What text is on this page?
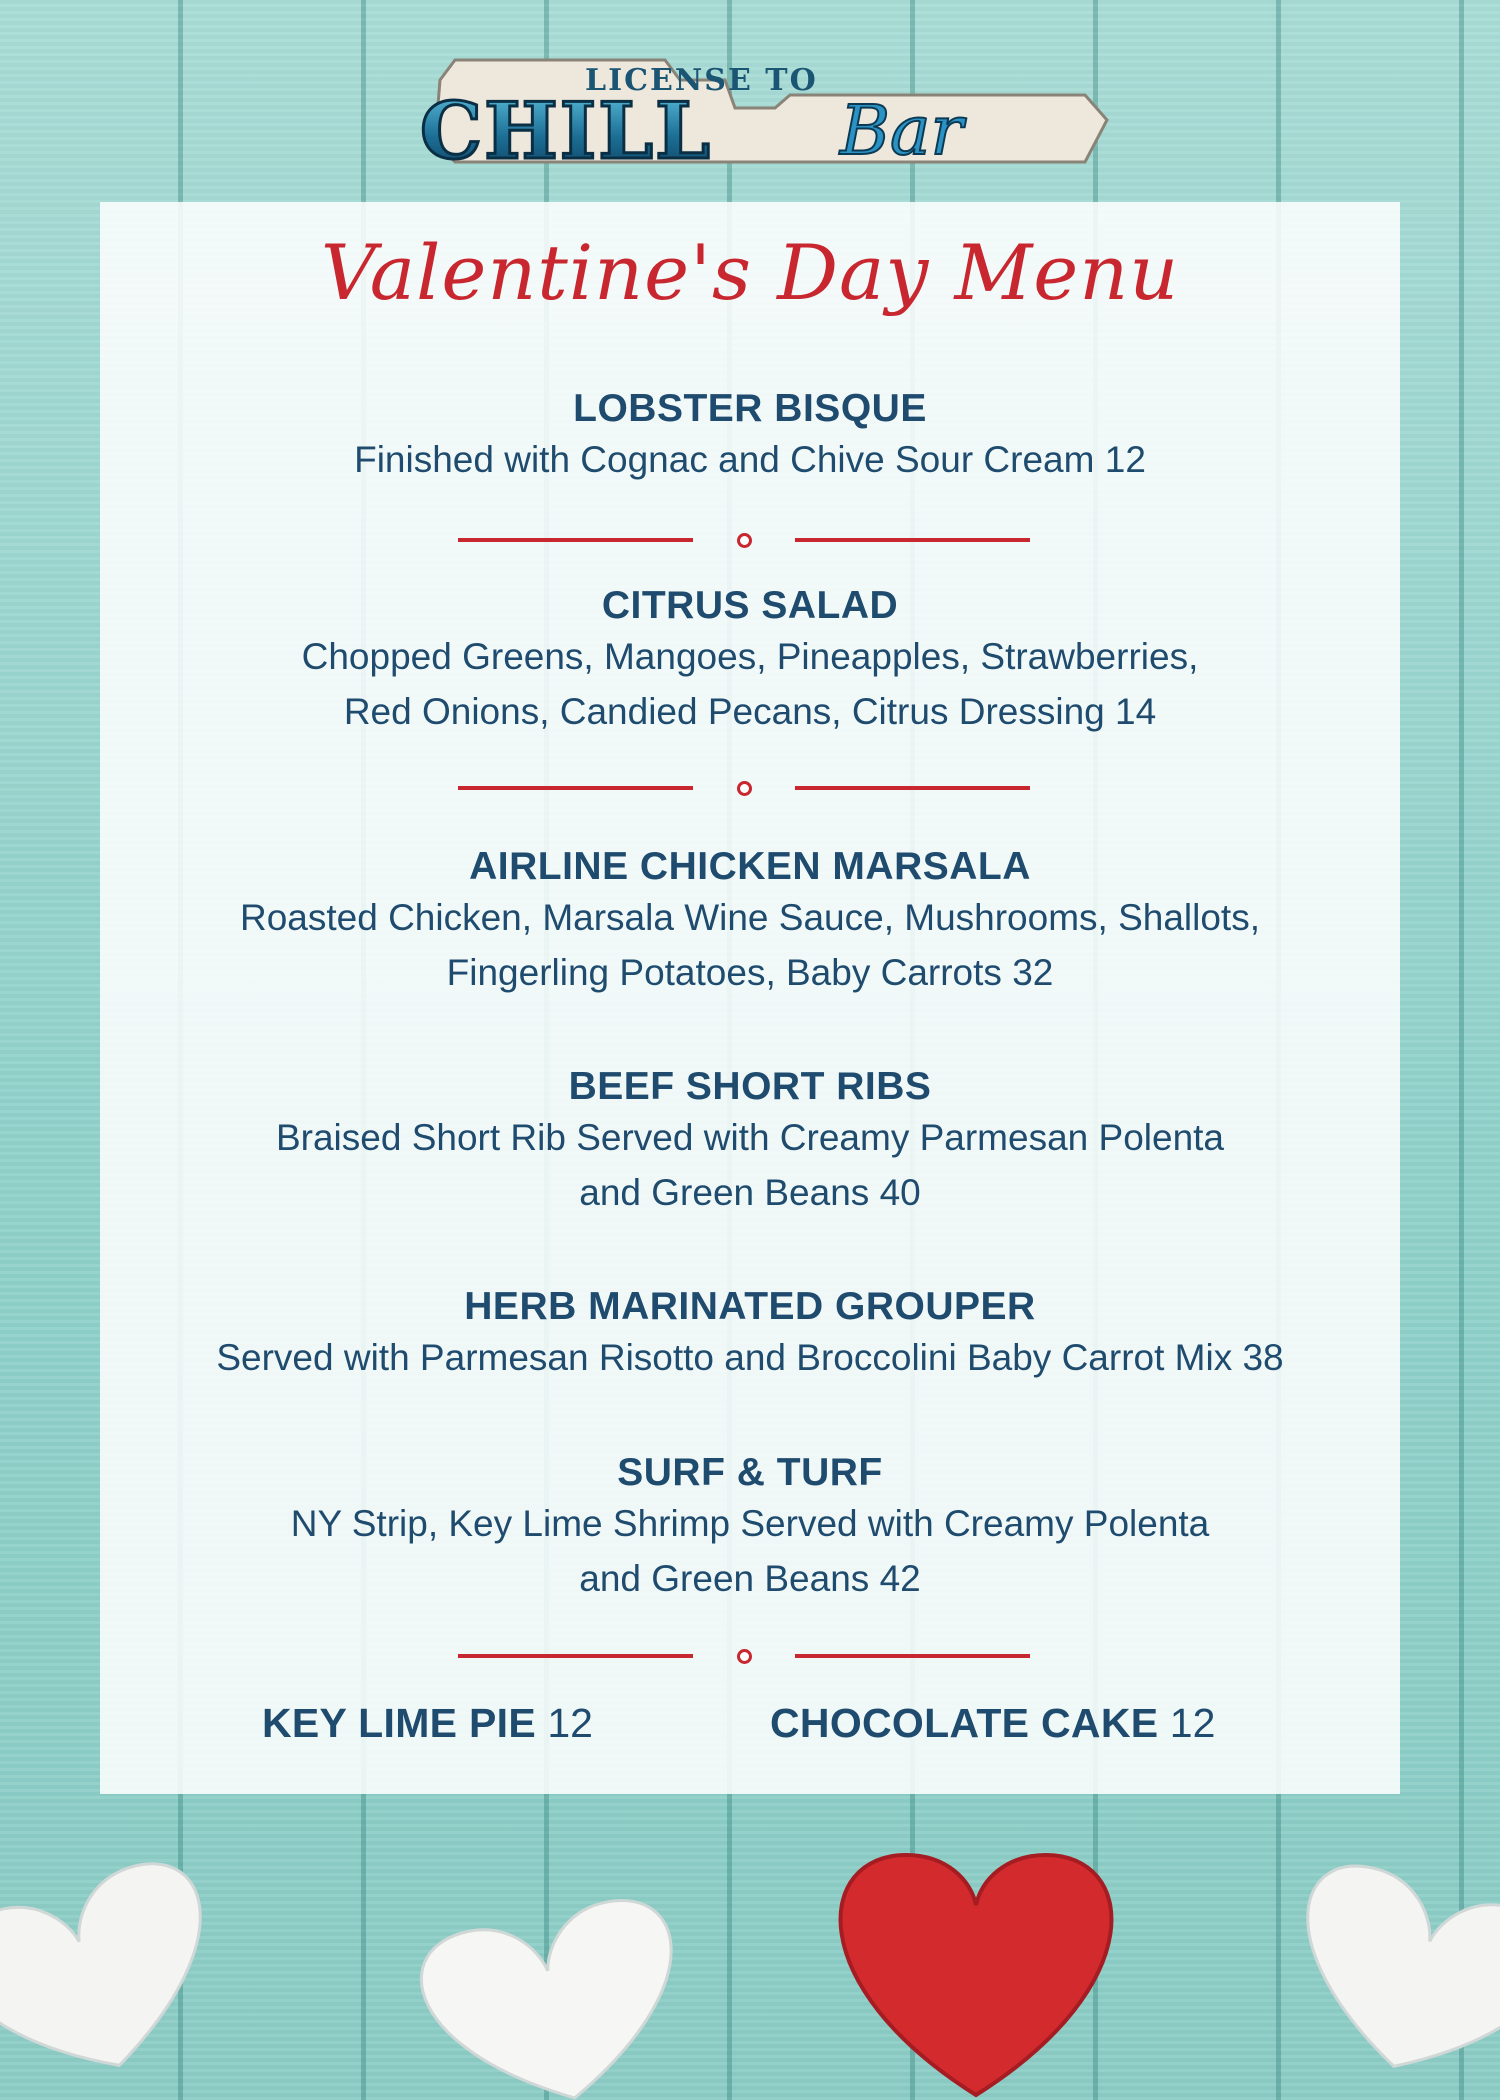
LICENSE TO
CHILL Bar
Valentine's Day Menu
LOBSTER BISQUE
Finished with Cognac and Chive Sour Cream 12
CITRUS SALAD
Chopped Greens, Mangoes, Pineapples, Strawberries,
Red Onions, Candied Pecans, Citrus Dressing 14
AIRLINE CHICKEN MARSALA
Roasted Chicken, Marsala Wine Sauce, Mushrooms, Shallots,
Fingerling Potatoes, Baby Carrots 32
BEEF SHORT RIBS
Braised Short Rib Served with Creamy Parmesan Polenta
and Green Beans 40
HERB MARINATED GROUPER
Served with Parmesan Risotto and Broccolini Baby Carrot Mix 38
SURF & TURF
NY Strip, Key Lime Shrimp Served with Creamy Polenta
and Green Beans 42
KEY LIME PIE 12	CHOCOLATE CAKE 12
